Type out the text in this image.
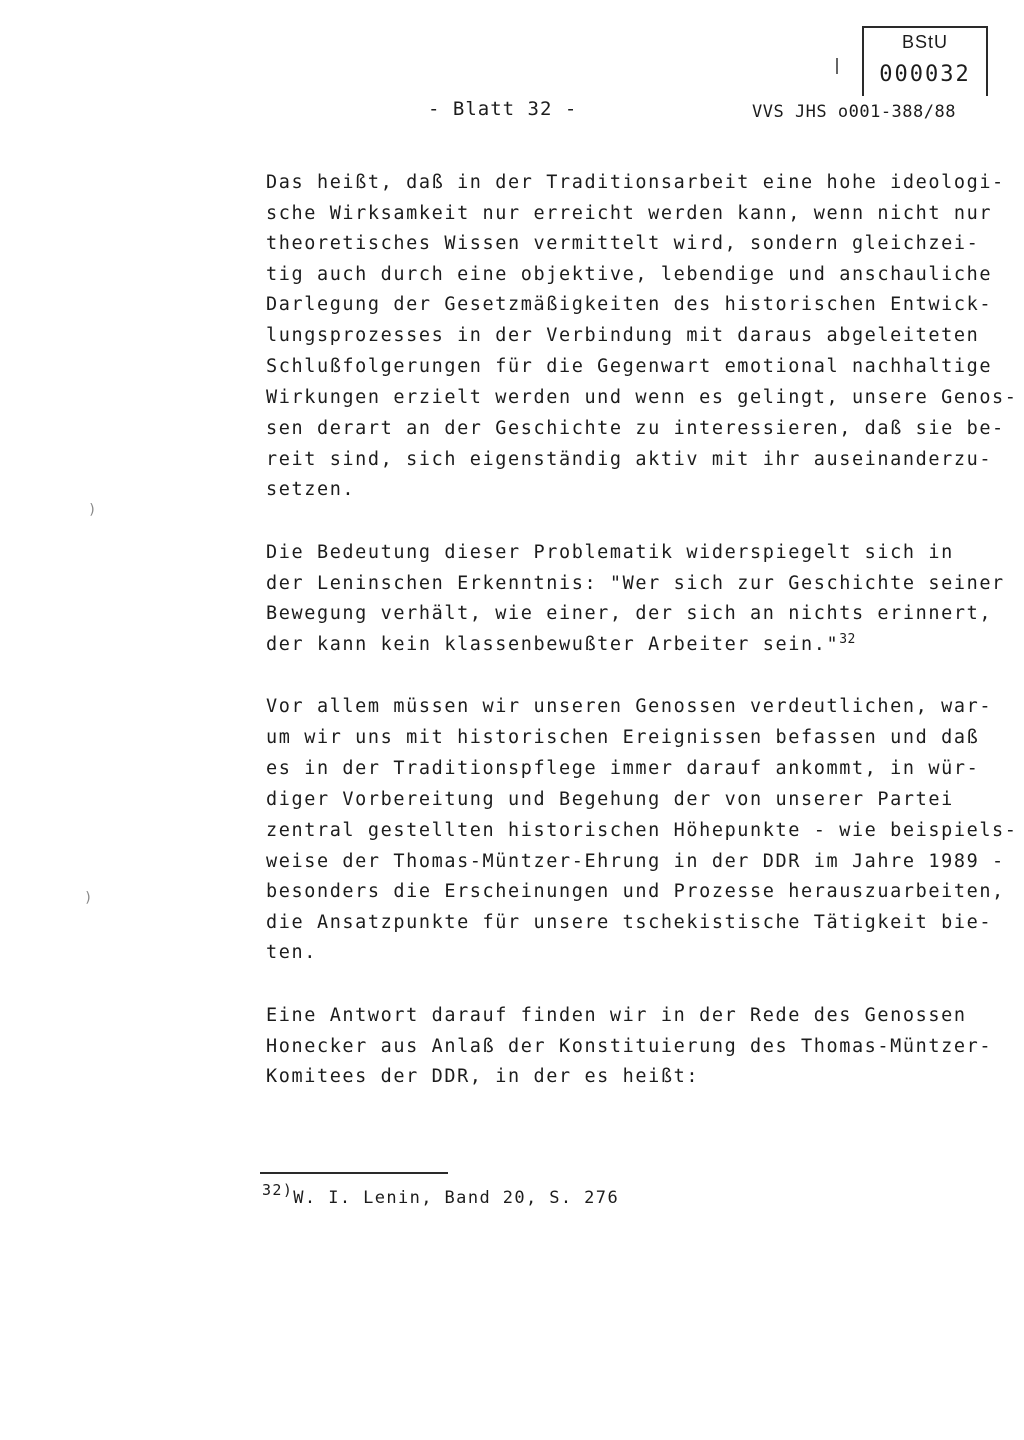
BStU
000032
- Blatt 32 -	VVS JHS o001-388/88
Das heißt, daß in der Traditionsarbeit eine hohe ideologi-
sche Wirksamkeit nur erreicht werden kann, wenn nicht nur
theoretisches Wissen vermittelt wird, sondern gleichzei-
tig auch durch eine objektive, lebendige und anschauliche
Darlegung der Gesetzmäßigkeiten des historischen Entwick-
lungsprozesses in der Verbindung mit daraus abgeleiteten
Schlußfolgerungen für die Gegenwart emotional nachhaltige
Wirkungen erzielt werden und wenn es gelingt, unsere Genos-
sen derart an der Geschichte zu interessieren, daß sie be-
reit sind, sich eigenständig aktiv mit ihr auseinanderzu-
setzen.
Die Bedeutung dieser Problematik widerspiegelt sich in
der Leninschen Erkenntnis: "Wer sich zur Geschichte seiner
Bewegung verhält, wie einer, der sich an nichts erinnert,
der kann kein klassenbewußter Arbeiter sein."$^{32}$
Vor allem müssen wir unseren Genossen verdeutlichen, war-
um wir uns mit historischen Ereignissen befassen und daß
es in der Traditionspflege immer darauf ankommt, in wür-
diger Vorbereitung und Begehung der von unserer Partei
zentral gestellten historischen Höhepunkte - wie beispiels-
weise der Thomas-Müntzer-Ehrung in der DDR im Jahre 1989 -
besonders die Erscheinungen und Prozesse herauszuarbeiten,
die Ansatzpunkte für unsere tschekistische Tätigkeit bie-
ten.
Eine Antwort darauf finden wir in der Rede des Genossen
Honecker aus Anlaß der Konstituierung des Thomas-Müntzer-
Komitees der DDR, in der es heißt:
32)W. I. Lenin, Band 20, S. 276
)
)
